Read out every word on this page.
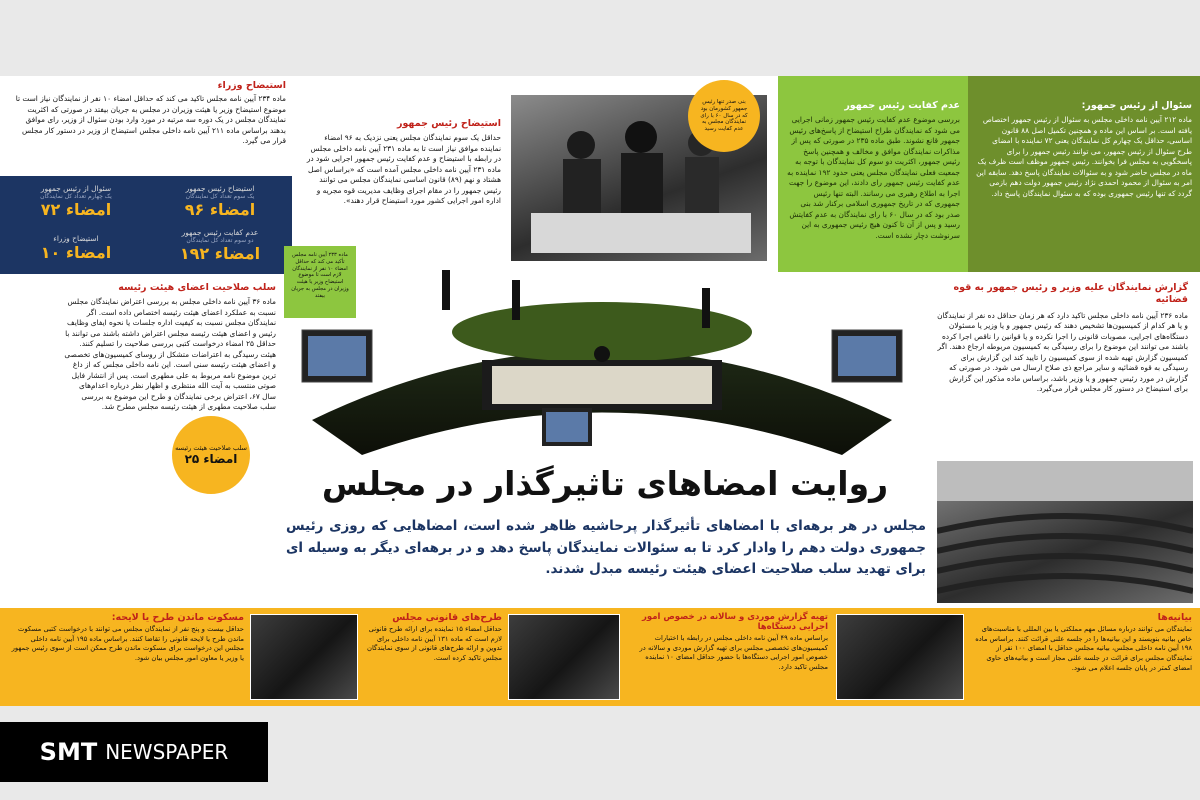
سئوال از رئیس جمهور:
ماده ۲۱۲ آیین نامه داخلی مجلس به سئوال از رئیس جمهور اختصاص یافته است. بر اساس این ماده و همچنین تکمیل اصل ۸۸ قانون اساسی، حداقل یک چهارم کل نمایندگان یعنی ۷۲ نماینده با امضای طرح سئوال از رئیس جمهور، می توانند رئیس جمهور را برای پاسخگویی به مجلس فرا بخوانند. رئیس جمهور موظف است ظرف یک ماه در مجلس حاضر شود و به سئوالات نمایندگان پاسخ دهد. سابقه این امر به سئوال از محمود احمدی نژاد رئیس جمهور دولت دهم بازمی گردد که تنها رئیس جمهوری بوده که به سئوال نمایندگان پاسخ داد.
عدم کفایت رئیس جمهور
بررسی موضوع عدم کفایت رئیس جمهور زمانی اجرایی می شود که نمایندگان طراح استیضاح از پاسخ‌های رئیس جمهور قانع نشوند. طبق ماده ۲۳۵ در صورتی که پس از مذاکرات نمایندگان موافق و مخالف و همچنین پاسخ رئیس جمهور، اکثریت دو سوم کل نمایندگان با توجه به جمعیت فعلی نمایندگان مجلس یعنی حدود ۱۹۲ نماینده به عدم کفایت رئیس جمهور رای دادند، این موضوع را جهت اجرا به اطلاع رهبری می رسانند. البته تنها رئیس جمهوری که در تاریخ جمهوری اسلامی برکنار شد بنی صدر بود که در سال ۶۰ با رای نمایندگان به عدم کفایتش رسید و پس از آن تا کنون هیچ رئیس جمهوری به این سرنوشت دچار نشده است.
بنی صدر تنها رئیس جمهور کشورمان بود که در سال ۶۰ با رای نمایندگان مجلس به عدم کفایت رسید
استیضاح رئیس جمهور
حداقل یک سوم نمایندگان مجلس یعنی نزدیک به ۹۶ امضاء نماینده موافق نیاز است تا به ماده ۲۳۱ آیین نامه داخلی مجلس در رابطه با استیضاح و عدم کفایت رئیس جمهور اجرایی شود در ماده ۲۳۱ آیین نامه داخلی مجلس آمده است که «براساس اصل هشتاد و نهم (۸۹) قانون اساسی نمایندگان مجلس می توانند رئیس جمهور را در مقام اجرای وظایف مدیریت قوه مجریه و اداره امور اجرایی کشور مورد استیضاح قرار دهند».
استیضاح وزراء
ماده ۲۳۴ آیین نامه مجلس تاکید می کند که حداقل امضاء ۱۰ نفر از نمایندگان نیاز است تا موضوع استیضاح وزیر یا هیئت وزیران در مجلس به جریان بیفتد در صورتی که اکثریت نمایندگان مجلس در یک دوره سه مرتبه در مورد وارد بودن سئوال از وزیر، رای موافق بدهند براساس ماده ۲۱۱ آیین نامه داخلی مجلس استیضاح از وزیر در دستور کار مجلس قرار می گیرد.
استیضاح رئیس جمهور
یک سوم تعداد کل نمایندگان
۹۶ امضاء
سئوال از رئیس جمهور
یک چهارم تعداد کل نمایندگان
۷۲ امضاء
عدم کفایت رئیس جمهور
دو سوم تعداد کل نمایندگان
۱۹۲ امضاء
استیضاح وزراء
۱۰ امضاء	ماده ۲۳۳ آیین نامه مجلس تأکید می کند که حداقل امضاء ۱۰ نفر از نمایندگان لازم است تا موضوع استیضاح وزیر یا هیئت وزیران در مجلس به جریان بیفتد
سلب صلاحیت اعضای هیئت رئیسه
ماده ۳۶ آیین نامه داخلی مجلس به بررسی اعتراض نمایندگان مجلس نسبت به عملکرد اعضای هیئت رئیسه اختصاص داده است. اگر نمایندگان مجلس نسبت به کیفیت اداره جلسات یا نحوه ایفای وظایف رئیس و اعضای هیئت رئیسه مجلس اعتراض داشته باشند می توانند با حداقل ۲۵ امضاء درخواست کتبی بررسی صلاحیت را تسلیم کنند. هیئت رسیدگی به اعتراضات متشکل از روسای کمیسیون‌های تخصصی و اعضای هیئت رئیسه سنی است. این نامه داخلی مجلس که از داغ ترین موضوع نامه مربوط به علی مطهری است. پس از انتشار فایل صوتی منتسب به آیت الله منتظری و اظهار نظر درباره اعدام‌های سال ۶۷، اعتراض برخی نمایندگان و طرح این موضوع به بررسی سلب صلاحیت مطهری از هیئت رئیسه مجلس مطرح شد.
سلب صلاحیت هیئت رئیسه
۲۵ امضاء
گزارش نمایندگان علیه وزیر و رئیس جمهور به قوه قضائیه
ماده ۲۳۶ آیین نامه داخلی مجلس تاکید دارد که هر زمان حداقل ده نفر از نمایندگان و یا هر کدام از کمیسیون‌ها تشخیص دهند که رئیس جمهور و یا وزیر یا مسئولان دستگاه‌های اجرایی، مصوبات قانونی را اجرا نکرده و یا قوانین را ناقص اجرا کرده باشند می توانند این موضوع را برای رسیدگی به کمیسیون مربوطه ارجاع دهند. اگر کمیسیون گزارش تهیه شده از سوی کمیسیون را تایید کند این گزارش برای رسیدگی به قوه قضائیه و سایر مراجع ذی صلاح ارسال می شود. در صورتی که گزارش در مورد رئیس جمهور و یا وزیر باشد، براساس ماده مذکور این گزارش برای استیضاح در دستور کار مجلس قرار می‌گیرد.
روایت امضاهای تاثیرگذار در مجلس
مجلس در هر برهه‌ای با امضاهای تأثیرگذار پرحاشیه ظاهر شده است، امضاهایی که روزی رئیس جمهوری دولت دهم را وادار کرد تا به سئوالات نمایندگان پاسخ دهد و در برهه‌ای دیگر به وسیله ای برای تهدید سلب صلاحیت اعضای هیئت رئیسه مبدل شدند.
بیانیه‌ها
نمایندگان می توانند درباره مسائل مهم مملکتی یا بین المللی با مناسبت‌های خاص بیانیه بنویسند و این بیانیه‌ها را در جلسه علنی قرائت کنند. براساس ماده ۱۹۸ آیین نامه داخلی مجلس، بیانیه مجلس حداقل با امضای ۱۰۰ نفر از نمایندگان مجلس برای قرائت در جلسه علنی مجاز است و بیانیه‌های حاوی امضای کمتر در پایان جلسه اعلام می شود.
تهیه گزارش موردی و سالانه در خصوص امور اجرایی دستگاه‌ها
براساس ماده ۴۹ آیین نامه داخلی مجلس در رابطه با اختیارات کمیسیون‌های تخصصی مجلس برای تهیه گزارش موردی و سالانه در خصوص امور اجرایی دستگاه‌ها با حضور حداقل امضای ۱۰ نماینده مجلس تاکید دارد.
طرح‌های قانونی مجلس
حداقل امضاء ۱۵ نماینده برای ارائه طرح قانونی لازم است که ماده ۱۳۱ آیین نامه داخلی برای تدوین و ارائه طرح‌های قانونی از سوی نمایندگان مجلس تاکید کرده است.
مسکوت ماندن طرح یا لایحه:
حداقل بیست و پنج نفر از نمایندگان مجلس می توانند با درخواست کتبی مسکوت ماندن طرح یا لایحه قانونی را تقاضا کنند. براساس ماده ۱۹۵ آیین نامه داخلی مجلس این درخواست برای مسکوت ماندن طرح ممکن است از سوی رئیس جمهور یا وزیر یا معاون امور مجلس بیان شود.
SMT NEWSPAPER
